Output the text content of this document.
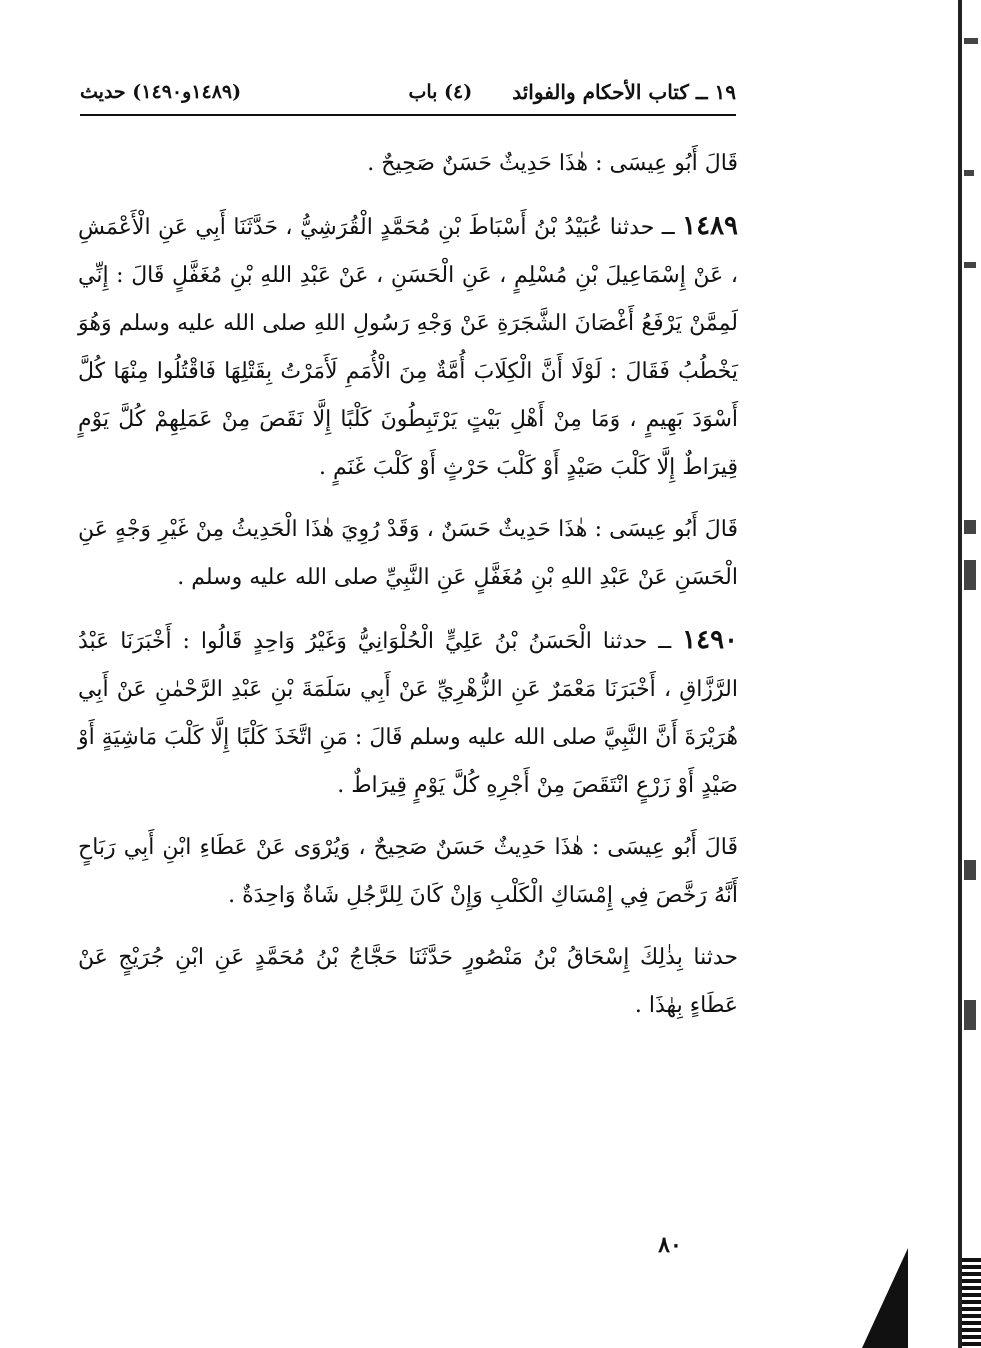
١٩ ــ كتاب الأحكام والفوائد
(٤) باب
(١٤٨٩و١٤٩٠) حديث

قَالَ أَبُو عِيسَى : هٰذَا حَدِيثٌ حَسَنٌ صَحِيحٌ .

١٤٨٩ ــ حدثنا عُبَيْدُ بْنُ أَسْبَاطَ بْنِ مُحَمَّدٍ الْقُرَشِيُّ ، حَدَّثَنَا أَبِي عَنِ الْأَعْمَشِ ، عَنْ إِسْمَاعِيلَ بْنِ مُسْلِمٍ ، عَنِ الْحَسَنِ ، عَنْ عَبْدِ اللهِ بْنِ مُغَفَّلٍ قَالَ : إِنِّي لَمِمَّنْ يَرْفَعُ أَغْصَانَ الشَّجَرَةِ عَنْ وَجْهِ رَسُولِ اللهِ صلى الله عليه وسلم وَهُوَ يَخْطُبُ فَقَالَ : لَوْلَا أَنَّ الْكِلَابَ أُمَّةٌ مِنَ الْأُمَمِ لَأَمَرْتُ بِقَتْلِهَا فَاقْتُلُوا مِنْهَا كُلَّ أَسْوَدَ بَهِيمٍ ، وَمَا مِنْ أَهْلِ بَيْتٍ يَرْتَبِطُونَ كَلْبًا إِلَّا نَقَصَ مِنْ عَمَلِهِمْ كُلَّ يَوْمٍ قِيرَاطٌ إِلَّا كَلْبَ صَيْدٍ أَوْ كَلْبَ حَرْثٍ أَوْ كَلْبَ غَنَمٍ .

قَالَ أَبُو عِيسَى : هٰذَا حَدِيثٌ حَسَنٌ ، وَقَدْ رُوِيَ هٰذَا الْحَدِيثُ مِنْ غَيْرِ وَجْهٍ عَنِ الْحَسَنِ عَنْ عَبْدِ اللهِ بْنِ مُغَفَّلٍ عَنِ النَّبِيِّ صلى الله عليه وسلم .

١٤٩٠ ــ حدثنا الْحَسَنُ بْنُ عَلِيٍّ الْحُلْوَانِيُّ وَغَيْرُ وَاحِدٍ قَالُوا : أَخْبَرَنَا عَبْدُ الرَّزَّاقِ ، أَخْبَرَنَا مَعْمَرٌ عَنِ الزُّهْرِيِّ عَنْ أَبِي سَلَمَةَ بْنِ عَبْدِ الرَّحْمٰنِ عَنْ أَبِي هُرَيْرَةَ أَنَّ النَّبِيَّ صلى الله عليه وسلم قَالَ : مَنِ اتَّخَذَ كَلْبًا إِلَّا كَلْبَ مَاشِيَةٍ أَوْ صَيْدٍ أَوْ زَرْعٍ انْتَقَصَ مِنْ أَجْرِهِ كُلَّ يَوْمٍ قِيرَاطٌ .

قَالَ أَبُو عِيسَى : هٰذَا حَدِيثٌ حَسَنٌ صَحِيحٌ ، وَيُرْوَى عَنْ عَطَاءِ ابْنِ أَبِي رَبَاحٍ أَنَّهُ رَخَّصَ فِي إِمْسَاكِ الْكَلْبِ وَإِنْ كَانَ لِلرَّجُلِ شَاةٌ وَاحِدَةٌ .

حدثنا بِذٰلِكَ إِسْحَاقُ بْنُ مَنْصُورٍ حَدَّثَنَا حَجَّاجُ بْنُ مُحَمَّدٍ عَنِ ابْنِ جُرَيْجٍ عَنْ عَطَاءٍ بِهٰذَا .

٨٠
